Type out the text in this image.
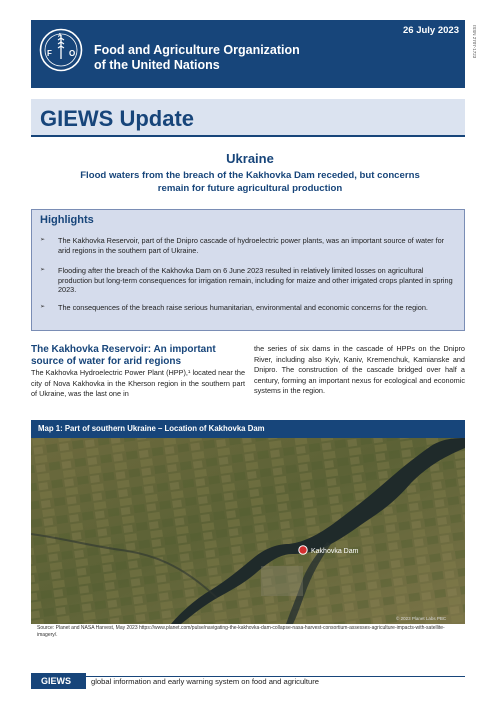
F O
A
Food and Agriculture Organization
of the United Nations
26 July 2023	ISSN 2707-1723
GIEWS Update
Ukraine
Flood waters from the breach of the Kakhovka Dam receded, but concerns
remain for future agricultural production
Highlights
➢ The Kakhovka Reservoir, part of the Dnipro cascade of hydroelectric power plants, was an important source of water for arid regions in the southern part of Ukraine.
➢ Flooding after the breach of the Kakhovka Dam on 6 June 2023 resulted in relatively limited losses on agricultural production but long-term consequences for irrigation remain, including for maize and other irrigated crops planted in spring 2023.
➢ The consequences of the breach raise serious humanitarian, environmental and economic concerns for the region.
The Kakhovka Reservoir: An important source of water for arid regions
The Kakhovka Hydroelectric Power Plant (HPP),¹ located near the city of Nova Kakhovka in the Kherson region in the southern part of Ukraine, was the last one in
the series of six dams in the cascade of HPPs on the Dnipro River, including also Kyiv, Kaniv, Kremenchuk, Kamianske and Dnipro. The construction of the cascade bridged over half a century, forming an important nexus for ecological and economic systems in the region.
Map 1: Part of southern Ukraine – Location of Kakhovka Dam
Kakhovka Dam
© 2023 Planet Labs PBC
Source: Planet and NASA Harvest, May 2023 https://www.planet.com/pulse/navigating-the-kakhovka-dam-collapse-nasa-harvest-consortium-assesses-agriculture-impacts-with-satellite-imagery/.
GIEWS	global information and early warning system on food and agriculture
